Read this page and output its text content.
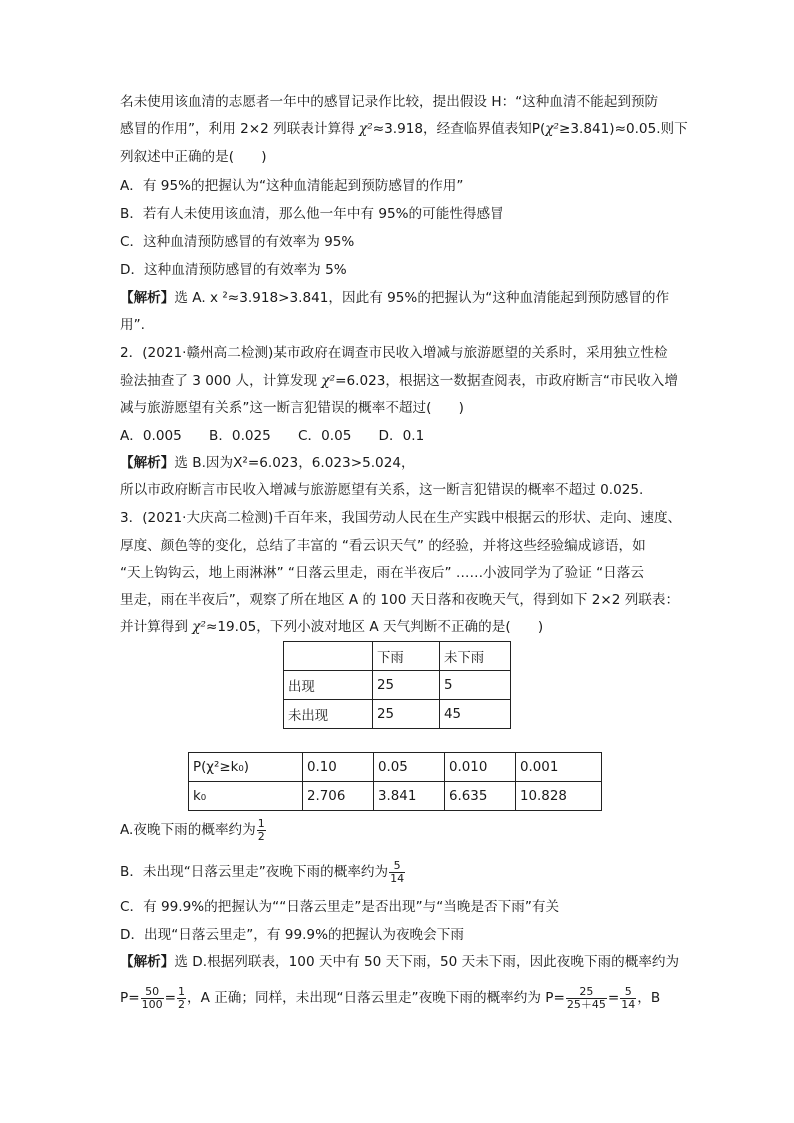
名未使用该血清的志愿者一年中的感冒记录作比较，提出假设 H：“这种血清不能起到预防
感冒的作用”，利用 2×2 列联表计算得 χ²≈3.918，经查临界值表知P(χ²≥3.841)≈0.05.则下
列叙述中正确的是(　　)
A．有 95%的把握认为“这种血清能起到预防感冒的作用”
B．若有人未使用该血清，那么他一年中有 95%的可能性得感冒
C．这种血清预防感冒的有效率为 95%
D．这种血清预防感冒的有效率为 5%
【解析】选 A. x ²≈3.918>3.841，因此有 95%的把握认为“这种血清能起到预防感冒的作
用”.
2．(2021·赣州高二检测)某市政府在调查市民收入增减与旅游愿望的关系时，采用独立性检
验法抽查了 3 000 人，计算发现 χ²=6.023，根据这一数据查阅表，市政府断言“市民收入增
减与旅游愿望有关系”这一断言犯错误的概率不超过(　　)
A．0.005　　B．0.025　　C．0.05　　D．0.1
【解析】选 B.因为Χ²=6.023，6.023>5.024，
所以市政府断言市民收入增减与旅游愿望有关系，这一断言犯错误的概率不超过 0.025.
3．(2021·大庆高二检测)千百年来，我国劳动人民在生产实践中根据云的形状、走向、速度、
厚度、颜色等的变化，总结了丰富的 “看云识天气” 的经验，并将这些经验编成谚语，如
“天上钩钩云，地上雨淋淋” “日落云里走，雨在半夜后” ……小波同学为了验证 “日落云
里走，雨在半夜后”，观察了所在地区 A 的 100 天日落和夜晚天气，得到如下 2×2 列联表：
并计算得到 χ²≈19.05，下列小波对地区 A 天气判断不正确的是(　　)
	下雨	未下雨
出现	25	5
未出现	25	45
P(χ²≥k₀)	0.10	0.05	0.010	0.001
k₀	2.706	3.841	6.635	10.828
A.夜晚下雨的概率约为 $\frac{1}{2}$
B．未出现“日落云里走”夜晚下雨的概率约为 $\frac{5}{14}$
C．有 99.9%的把握认为““日落云里走”是否出现”与“当晚是否下雨”有关
D．出现“日落云里走”，有 99.9%的把握认为夜晚会下雨
【解析】选 D.根据列联表，100 天中有 50 天下雨，50 天未下雨，因此夜晚下雨的概率约为
$P= \frac{50}{100} = \frac{1}{2}$ ，A 正确；同样，未出现“日落云里走”夜晚下雨的概率约为 $P= \frac{25}{25+45} = \frac{5}{14}$ ，B
